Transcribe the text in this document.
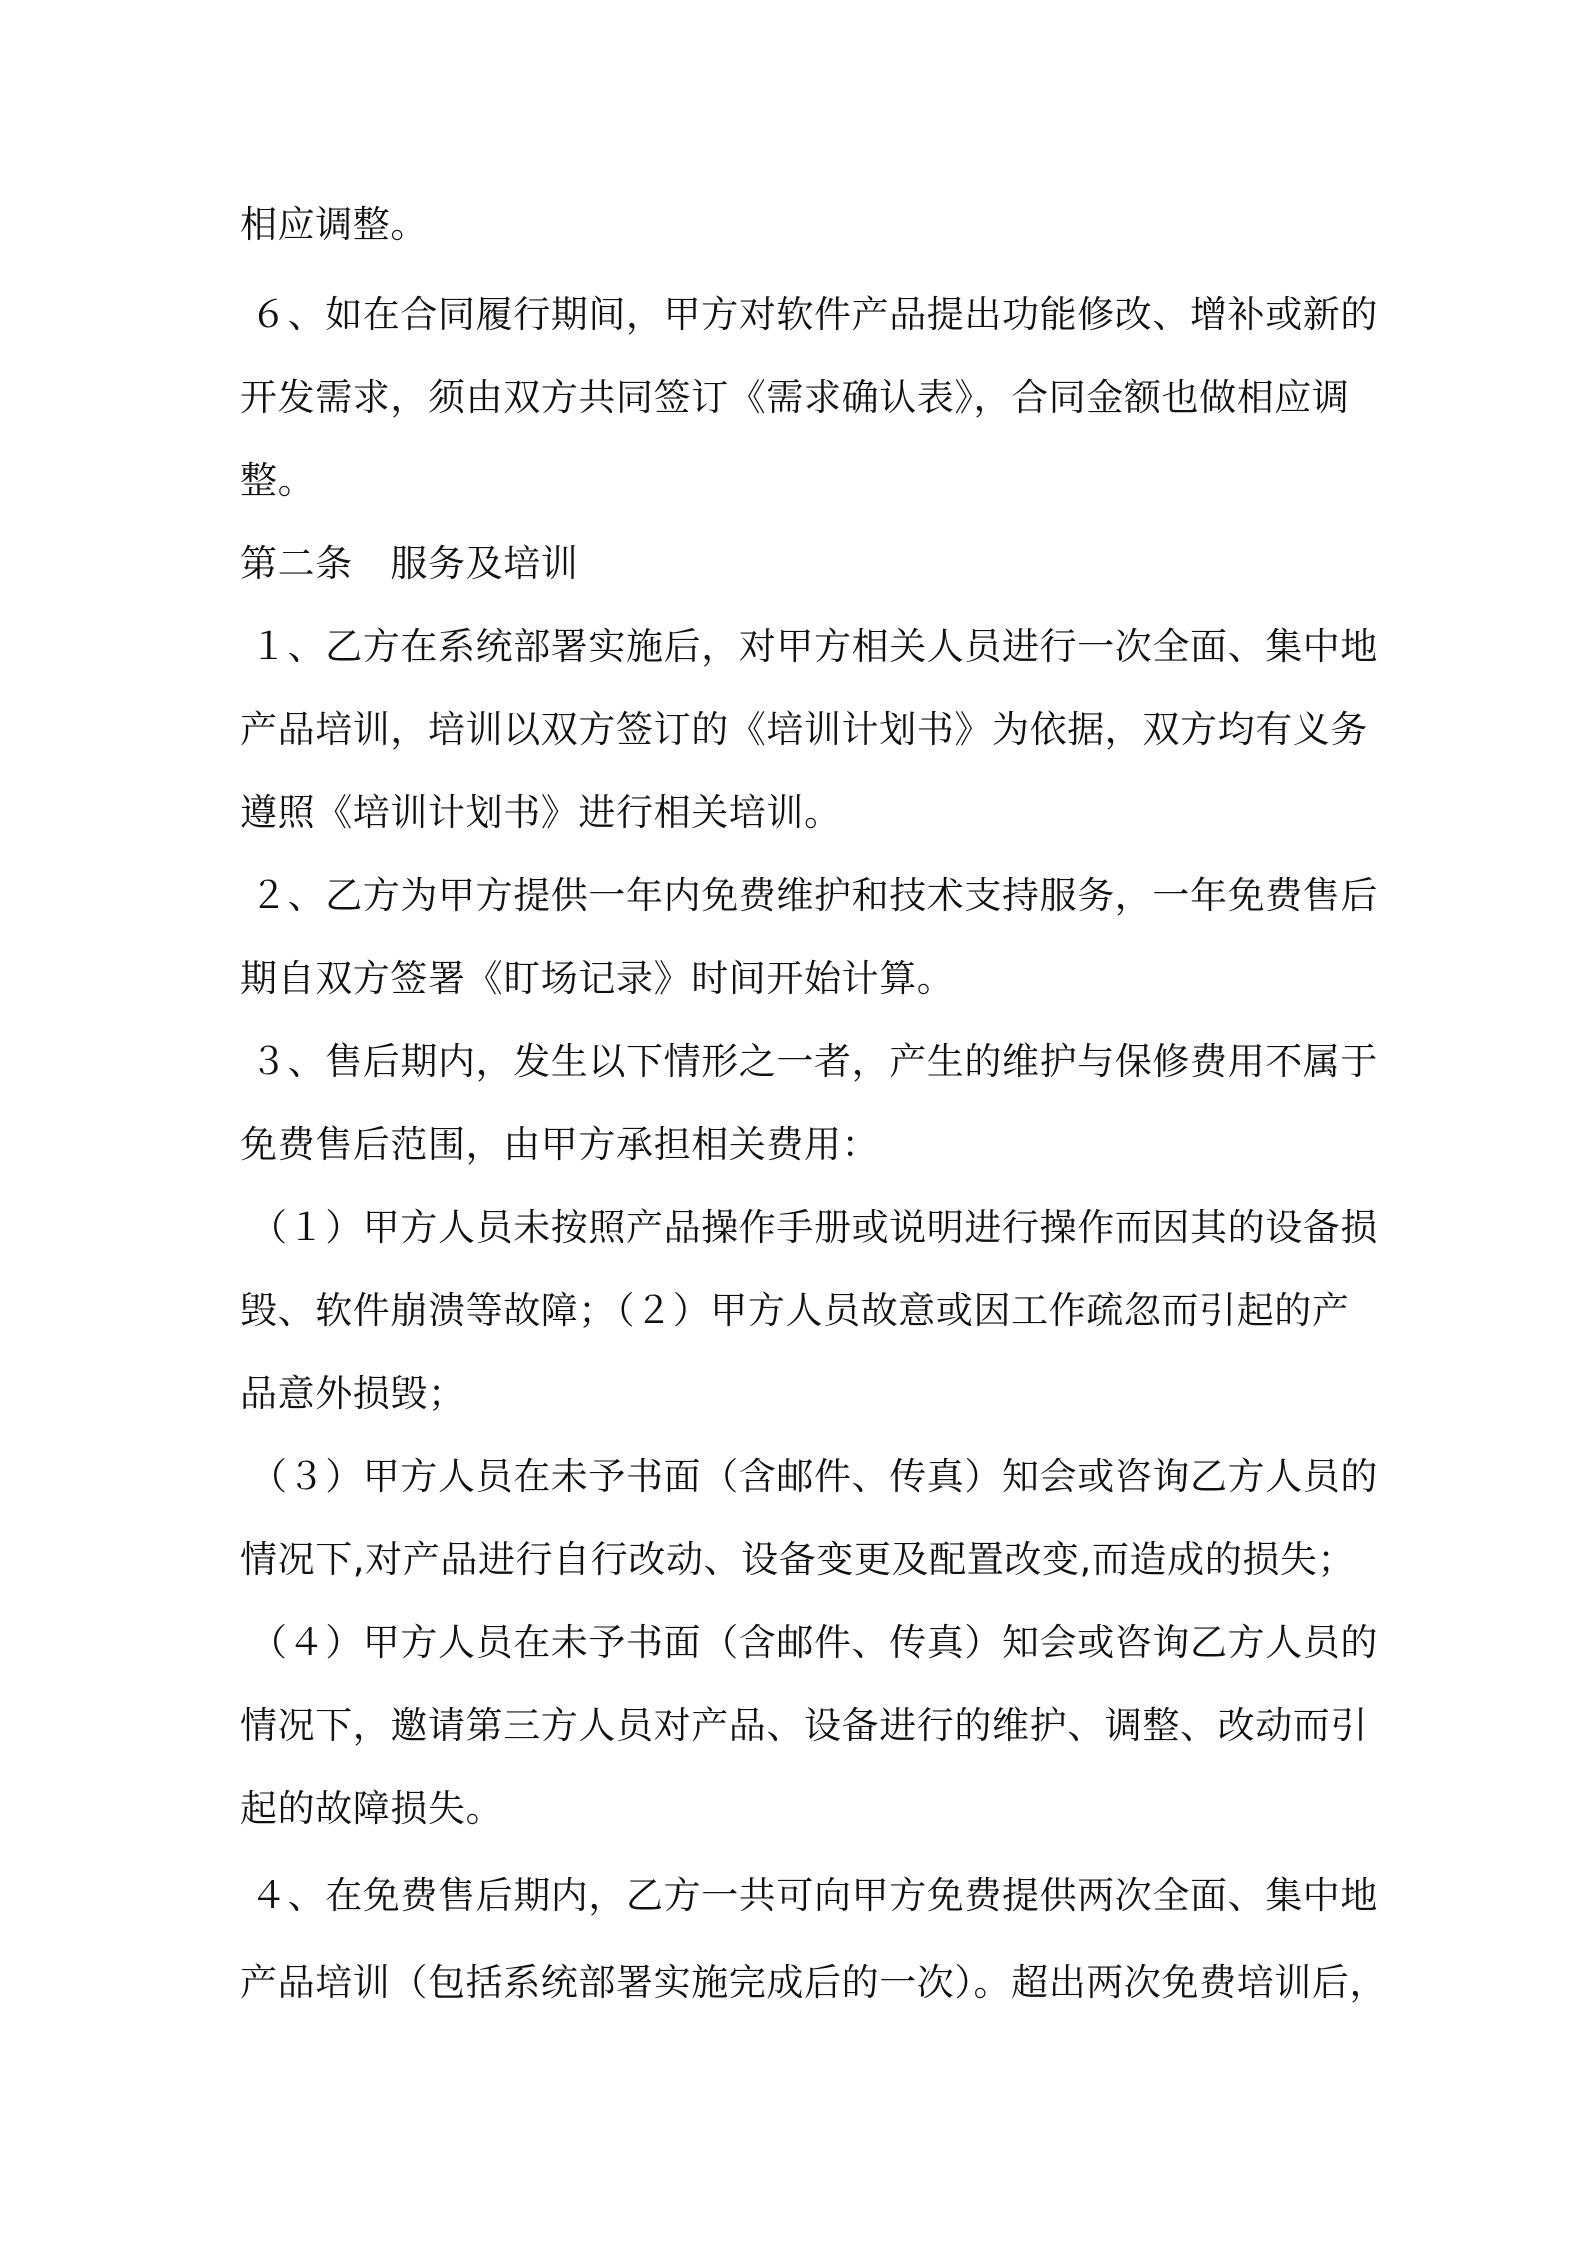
相应调整。
６、如在合同履行期间，甲方对软件产品提出功能修改、增补或新的
开发需求，须由双方共同签订《需求确认表》，合同金额也做相应调
整。
第二条　服务及培训
１、乙方在系统部署实施后，对甲方相关人员进行一次全面、集中地
产品培训，培训以双方签订的《培训计划书》为依据，双方均有义务
遵照《培训计划书》进行相关培训。
２、乙方为甲方提供一年内免费维护和技术支持服务，一年免费售后
期自双方签署《盯场记录》时间开始计算。
３、售后期内，发生以下情形之一者，产生的维护与保修费用不属于
免费售后范围，由甲方承担相关费用：
（１）甲方人员未按照产品操作手册或说明进行操作而因其的设备损
毁、软件崩溃等故障；（２）甲方人员故意或因工作疏忽而引起的产
品意外损毁；
（３）甲方人员在未予书面（含邮件、传真）知会或咨询乙方人员的
情况下,对产品进行自行改动、设备变更及配置改变,而造成的损失；
（４）甲方人员在未予书面（含邮件、传真）知会或咨询乙方人员的
情况下，邀请第三方人员对产品、设备进行的维护、调整、改动而引
起的故障损失。
４、在免费售后期内，乙方一共可向甲方免费提供两次全面、集中地
产品培训（包括系统部署实施完成后的一次）。超出两次免费培训后，
